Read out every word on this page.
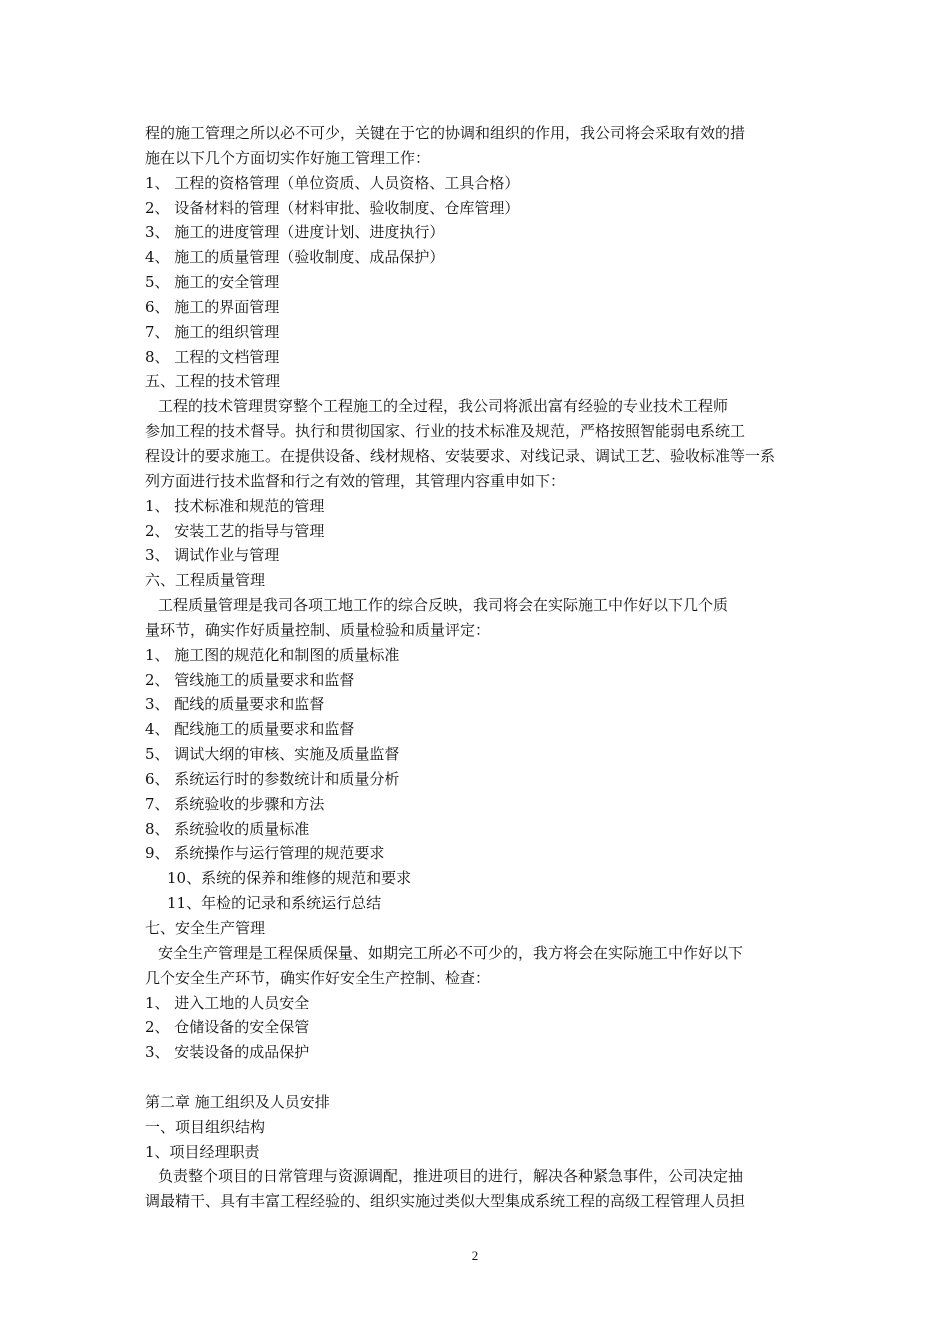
程的施工管理之所以必不可少，关键在于它的协调和组织的作用，我公司将会采取有效的措
施在以下几个方面切实作好施工管理工作：
1、 工程的资格管理（单位资质、人员资格、工具合格）
2、 设备材料的管理（材料审批、验收制度、仓库管理）
3、 施工的进度管理（进度计划、进度执行）
4、 施工的质量管理（验收制度、成品保护）
5、 施工的安全管理
6、 施工的界面管理
7、 施工的组织管理
8、 工程的文档管理
五、工程的技术管理
工程的技术管理贯穿整个工程施工的全过程，我公司将派出富有经验的专业技术工程师
参加工程的技术督导。执行和贯彻国家、行业的技术标准及规范，严格按照智能弱电系统工
程设计的要求施工。在提供设备、线材规格、安装要求、对线记录、调试工艺、验收标准等一系
列方面进行技术监督和行之有效的管理，其管理内容重申如下：
1、 技术标准和规范的管理
2、 安装工艺的指导与管理
3、 调试作业与管理
六、工程质量管理
工程质量管理是我司各项工地工作的综合反映，我司将会在实际施工中作好以下几个质
量环节，确实作好质量控制、质量检验和质量评定：
1、 施工图的规范化和制图的质量标准
2、 管线施工的质量要求和监督
3、 配线的质量要求和监督
4、 配线施工的质量要求和监督
5、 调试大纲的审核、实施及质量监督
6、 系统运行时的参数统计和质量分析
7、 系统验收的步骤和方法
8、 系统验收的质量标准
9、 系统操作与运行管理的规范要求
10、系统的保养和维修的规范和要求
11、年检的记录和系统运行总结
七、安全生产管理
安全生产管理是工程保质保量、如期完工所必不可少的，我方将会在实际施工中作好以下
几个安全生产环节，确实作好安全生产控制、检查：
1、 进入工地的人员安全
2、 仓储设备的安全保管
3、 安装设备的成品保护
第二章 施工组织及人员安排
一、项目组织结构
1、项目经理职责
负责整个项目的日常管理与资源调配，推进项目的进行，解决各种紧急事件，公司决定抽
调最精干、具有丰富工程经验的、组织实施过类似大型集成系统工程的高级工程管理人员担
2
